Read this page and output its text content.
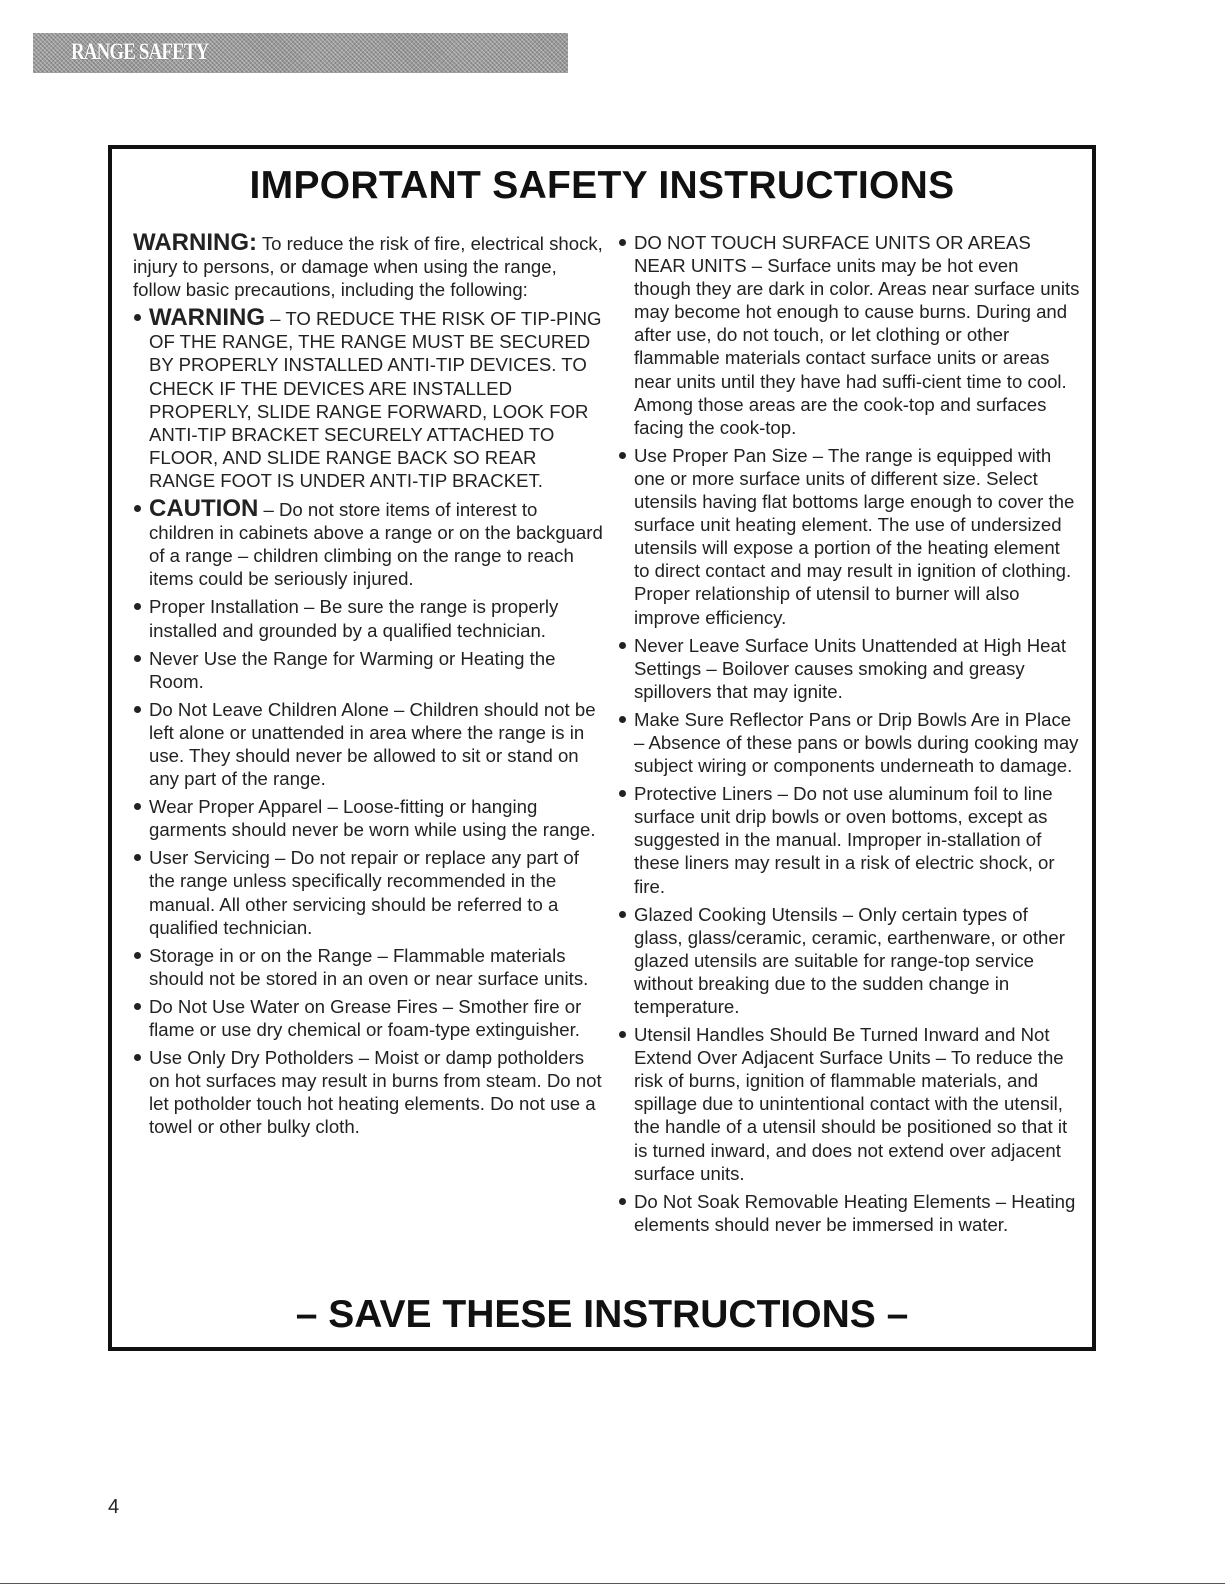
RANGE SAFETY
IMPORTANT SAFETY INSTRUCTIONS

WARNING: To reduce the risk of fire, electrical shock, injury to persons, or damage when using the range, follow basic precautions, including the following:

WARNING – TO REDUCE THE RISK OF TIP-PING OF THE RANGE, THE RANGE MUST BE SECURED BY PROPERLY INSTALLED ANTI-TIP DEVICES. TO CHECK IF THE DEVICES ARE INSTALLED PROPERLY, SLIDE RANGE FORWARD, LOOK FOR ANTI-TIP BRACKET SECURELY ATTACHED TO FLOOR, AND SLIDE RANGE BACK SO REAR RANGE FOOT IS UNDER ANTI-TIP BRACKET.
CAUTION – Do not store items of interest to children in cabinets above a range or on the backguard of a range – children climbing on the range to reach items could be seriously injured.
Proper Installation – Be sure the range is properly installed and grounded by a qualified technician.
Never Use the Range for Warming or Heating the Room.
Do Not Leave Children Alone – Children should not be left alone or unattended in area where the range is in use. They should never be allowed to sit or stand on any part of the range.
Wear Proper Apparel – Loose-fitting or hanging garments should never be worn while using the range.
User Servicing – Do not repair or replace any part of the range unless specifically recommended in the manual. All other servicing should be referred to a qualified technician.
Storage in or on the Range – Flammable materials should not be stored in an oven or near surface units.
Do Not Use Water on Grease Fires – Smother fire or flame or use dry chemical or foam-type extinguisher.
Use Only Dry Potholders – Moist or damp potholders on hot surfaces may result in burns from steam. Do not let potholder touch hot heating elements. Do not use a towel or other bulky cloth.
DO NOT TOUCH SURFACE UNITS OR AREAS NEAR UNITS – Surface units may be hot even though they are dark in color. Areas near surface units may become hot enough to cause burns. During and after use, do not touch, or let clothing or other flammable materials contact surface units or areas near units until they have had suffi-cient time to cool. Among those areas are the cook-top and surfaces facing the cook-top.
Use Proper Pan Size – The range is equipped with one or more surface units of different size. Select utensils having flat bottoms large enough to cover the surface unit heating element. The use of undersized utensils will expose a portion of the heating element to direct contact and may result in ignition of clothing. Proper relationship of utensil to burner will also improve efficiency.
Never Leave Surface Units Unattended at High Heat Settings – Boilover causes smoking and greasy spillovers that may ignite.
Make Sure Reflector Pans or Drip Bowls Are in Place – Absence of these pans or bowls during cooking may subject wiring or components underneath to damage.
Protective Liners – Do not use aluminum foil to line surface unit drip bowls or oven bottoms, except as suggested in the manual. Improper in-stallation of these liners may result in a risk of electric shock, or fire.
Glazed Cooking Utensils – Only certain types of glass, glass/ceramic, ceramic, earthenware, or other glazed utensils are suitable for range-top service without breaking due to the sudden change in temperature.
Utensil Handles Should Be Turned Inward and Not Extend Over Adjacent Surface Units – To reduce the risk of burns, ignition of flammable materials, and spillage due to unintentional contact with the utensil, the handle of a utensil should be positioned so that it is turned inward, and does not extend over adjacent surface units.
Do Not Soak Removable Heating Elements – Heating elements should never be immersed in water.
– SAVE THESE INSTRUCTIONS –
4
